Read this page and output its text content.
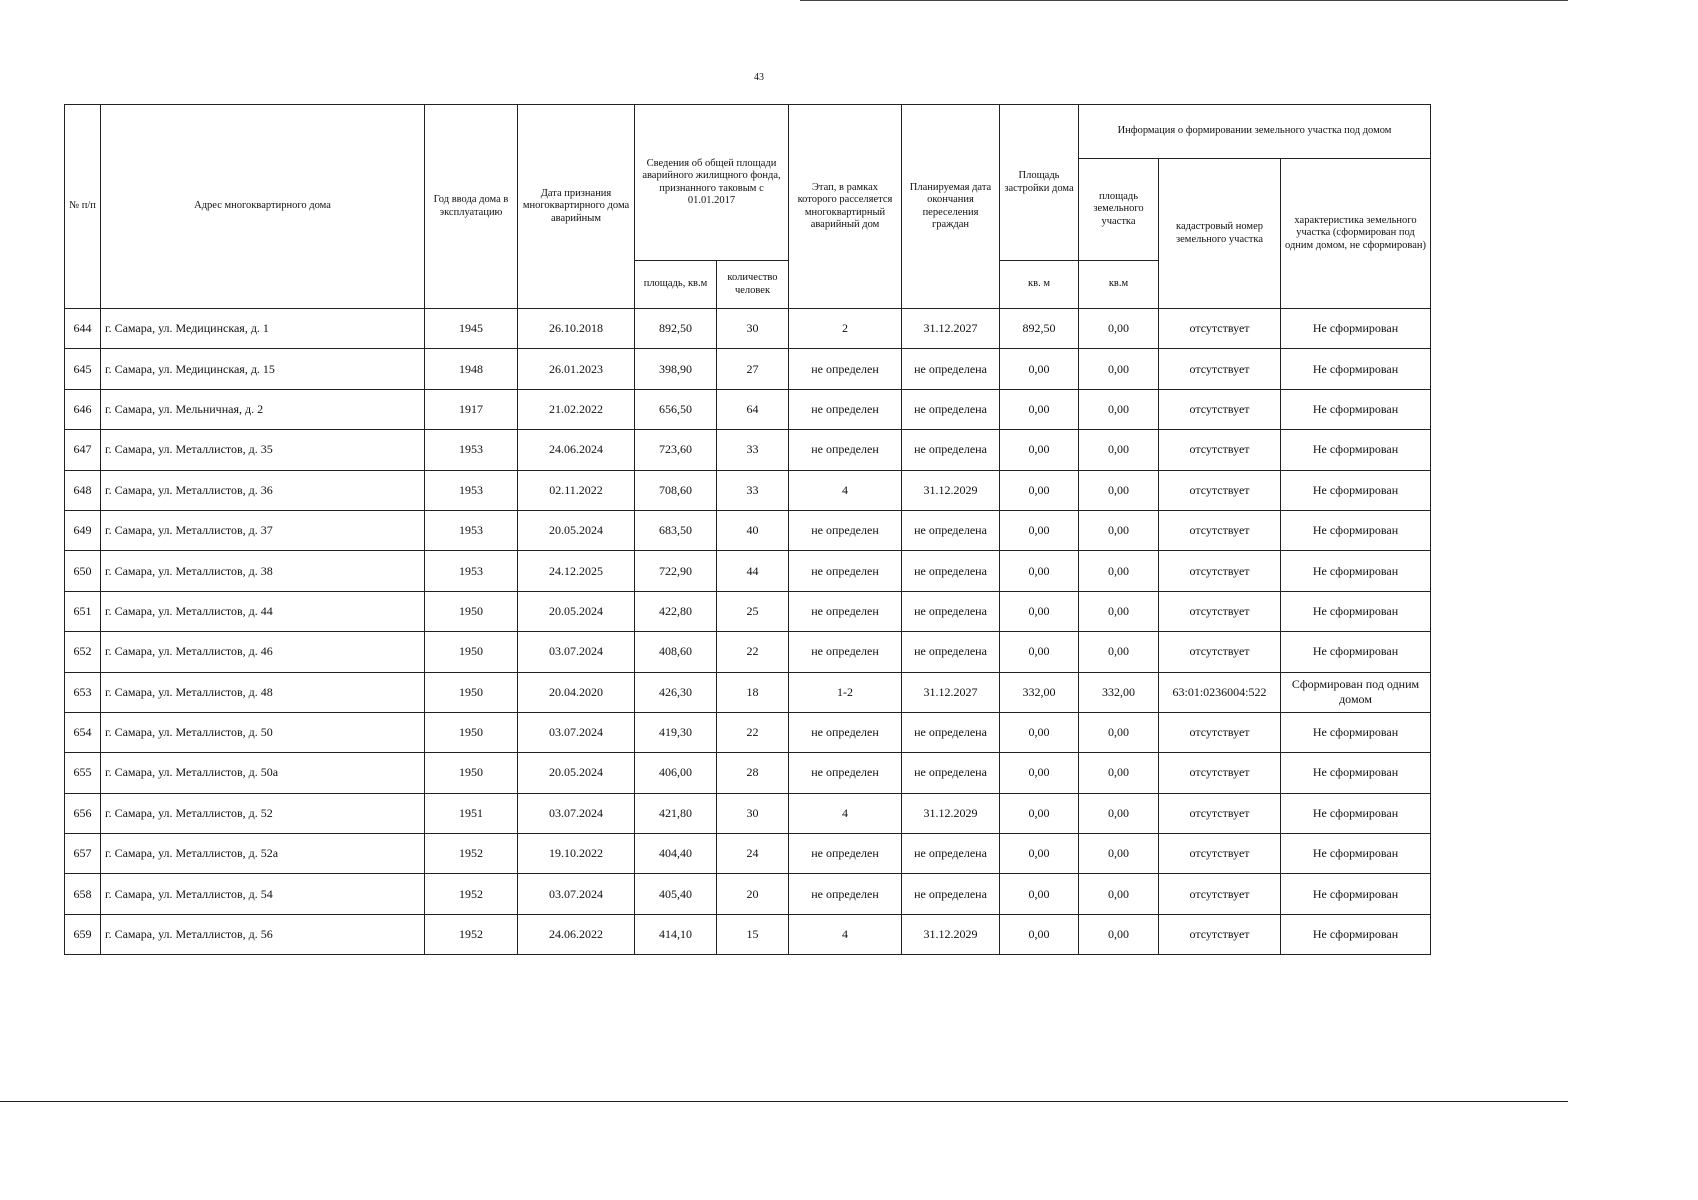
43
№ п/п	Адрес многоквартирного дома	Год ввода дома в эксплуатацию	Дата признания многоквартирного дома аварийным	Сведения об общей площади аварийного жилищного фонда, признанного таковым с 01.01.2017		Этап, в рамках которого расселяется многоквартирный аварийный дом	Планируемая дата окончания переселения граждан	Площадь застройки дома	Информация о формировании земельного участка под домом		
									площадь земельного участка	кадастровый номер земельного участка	характеристика земельного участка (сформирован под одним домом, не сформирован)
				площадь, кв.м	количество человек			кв. м	кв.м		
644	г. Самара, ул. Медицинская, д. 1	1945	26.10.2018	892,50	30	2	31.12.2027	892,50	0,00	отсутствует	Не сформирован
645	г. Самара, ул. Медицинская, д. 15	1948	26.01.2023	398,90	27	не определен	не определена	0,00	0,00	отсутствует	Не сформирован
646	г. Самара, ул. Мельничная, д. 2	1917	21.02.2022	656,50	64	не определен	не определена	0,00	0,00	отсутствует	Не сформирован
647	г. Самара, ул. Металлистов, д. 35	1953	24.06.2024	723,60	33	не определен	не определена	0,00	0,00	отсутствует	Не сформирован
648	г. Самара, ул. Металлистов, д. 36	1953	02.11.2022	708,60	33	4	31.12.2029	0,00	0,00	отсутствует	Не сформирован
649	г. Самара, ул. Металлистов, д. 37	1953	20.05.2024	683,50	40	не определен	не определена	0,00	0,00	отсутствует	Не сформирован
650	г. Самара, ул. Металлистов, д. 38	1953	24.12.2025	722,90	44	не определен	не определена	0,00	0,00	отсутствует	Не сформирован
651	г. Самара, ул. Металлистов, д. 44	1950	20.05.2024	422,80	25	не определен	не определена	0,00	0,00	отсутствует	Не сформирован
652	г. Самара, ул. Металлистов, д. 46	1950	03.07.2024	408,60	22	не определен	не определена	0,00	0,00	отсутствует	Не сформирован
653	г. Самара, ул. Металлистов, д. 48	1950	20.04.2020	426,30	18	1-2	31.12.2027	332,00	332,00	63:01:0236004:522	Сформирован под одним домом
654	г. Самара, ул. Металлистов, д. 50	1950	03.07.2024	419,30	22	не определен	не определена	0,00	0,00	отсутствует	Не сформирован
655	г. Самара, ул. Металлистов, д. 50а	1950	20.05.2024	406,00	28	не определен	не определена	0,00	0,00	отсутствует	Не сформирован
656	г. Самара, ул. Металлистов, д. 52	1951	03.07.2024	421,80	30	4	31.12.2029	0,00	0,00	отсутствует	Не сформирован
657	г. Самара, ул. Металлистов, д. 52а	1952	19.10.2022	404,40	24	не определен	не определена	0,00	0,00	отсутствует	Не сформирован
658	г. Самара, ул. Металлистов, д. 54	1952	03.07.2024	405,40	20	не определен	не определена	0,00	0,00	отсутствует	Не сформирован
659	г. Самара, ул. Металлистов, д. 56	1952	24.06.2022	414,10	15	4	31.12.2029	0,00	0,00	отсутствует	Не сформирован
